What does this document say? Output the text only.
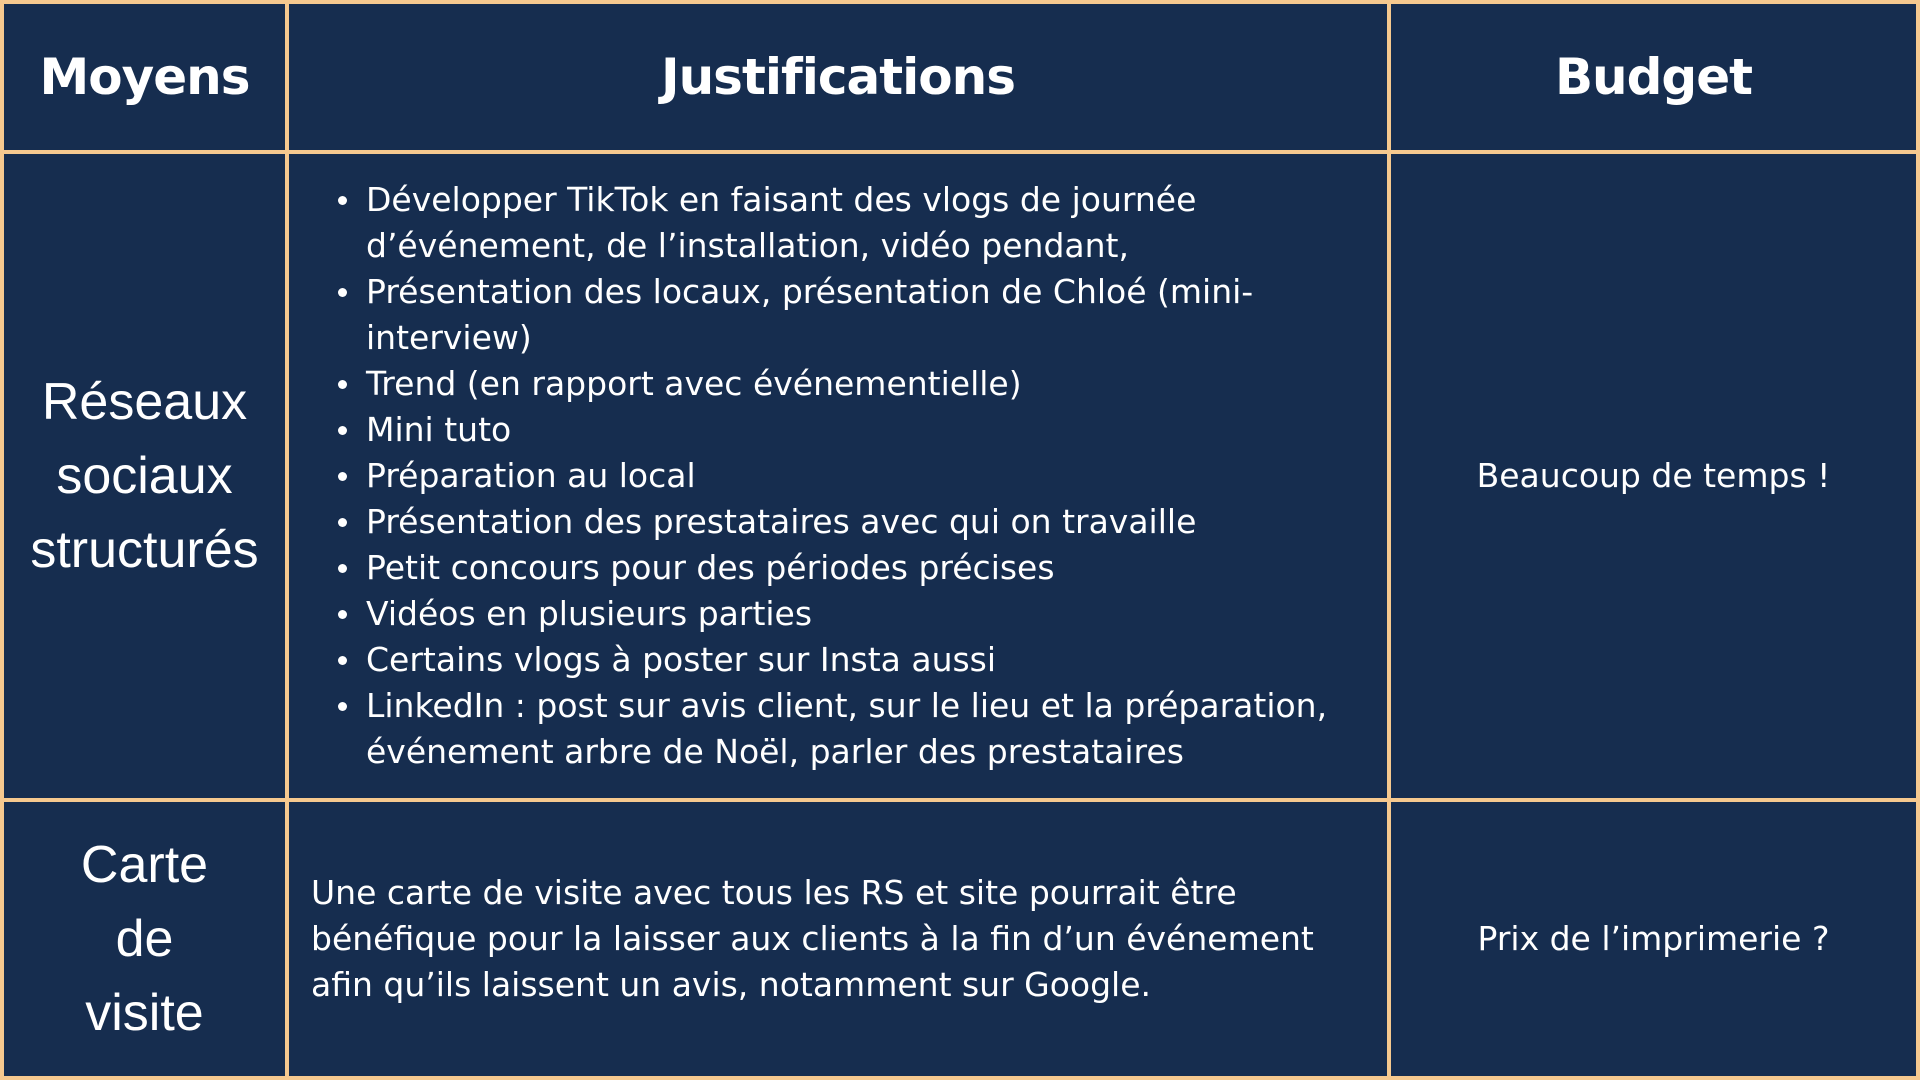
Moyens	Justifications	Budget
Réseaux
sociaux
structurés
Développer TikTok en faisant des vlogs de journée d’événement, de l’installation, vidéo pendant,
Présentation des locaux, présentation de Chloé (mini-interview)
Trend (en rapport avec événementielle)
Mini tuto
Préparation au local
Présentation des prestataires avec qui on travaille
Petit concours pour des périodes précises
Vidéos en plusieurs parties
Certains vlogs à poster sur Insta aussi
LinkedIn : post sur avis client, sur le lieu et la préparation, événement arbre de Noël, parler des prestataires
Beaucoup de temps !
Carte
de
visite
Une carte de visite avec tous les RS et site pourrait être bénéfique pour la laisser aux clients à la fin d’un événement afin qu’ils laissent un avis, notamment sur Google.
Prix de l’imprimerie ?
